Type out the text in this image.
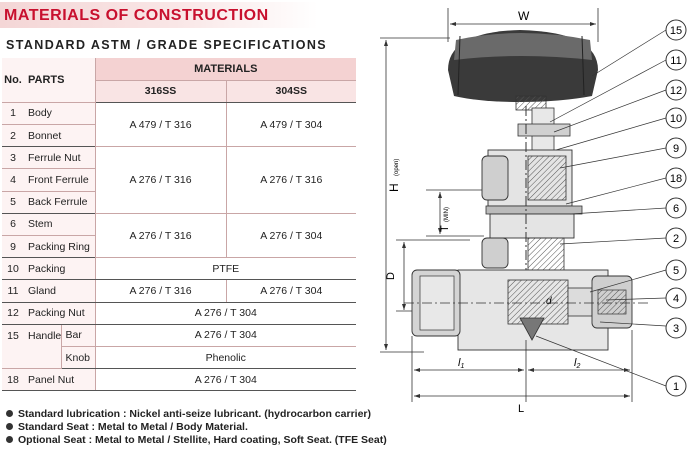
MATERIALS OF CONSTRUCTION
STANDARD ASTM / GRADE SPECIFICATIONS
No.	PARTS		MATERIALS	
			316SS	304SS
1	Body		A 479 / T 316	A 479 / T 304
2	Bonnet			
3	Ferrule Nut		A 276 / T 316	A 276 / T 316
4	Front Ferrule			
5	Back Ferrule			
6	Stem		A 276 / T 316	A 276 / T 304
9	Packing Ring			
10	Packing		PTFE	
11	Gland		A 276 / T 316	A 276 / T 304
12	Packing Nut		A 276 / T 304	
15	Handle	Bar	A 276 / T 304	
		Knob	Phenolic	
18	Panel Nut		A 276 / T 304	
Standard lubrication : Nickel anti-seize lubricant. (hydrocarbon carrier)
Standard Seat : Metal to Metal / Body Material.
Optional Seat : Metal to Metal / Stellite, Hard coating, Soft Seat. (TFE Seat)
W
H
(open)
T
(MIN)
D
d
l1	l2
L
15
11
12
10
9
18
6
2
5
4
3
1
